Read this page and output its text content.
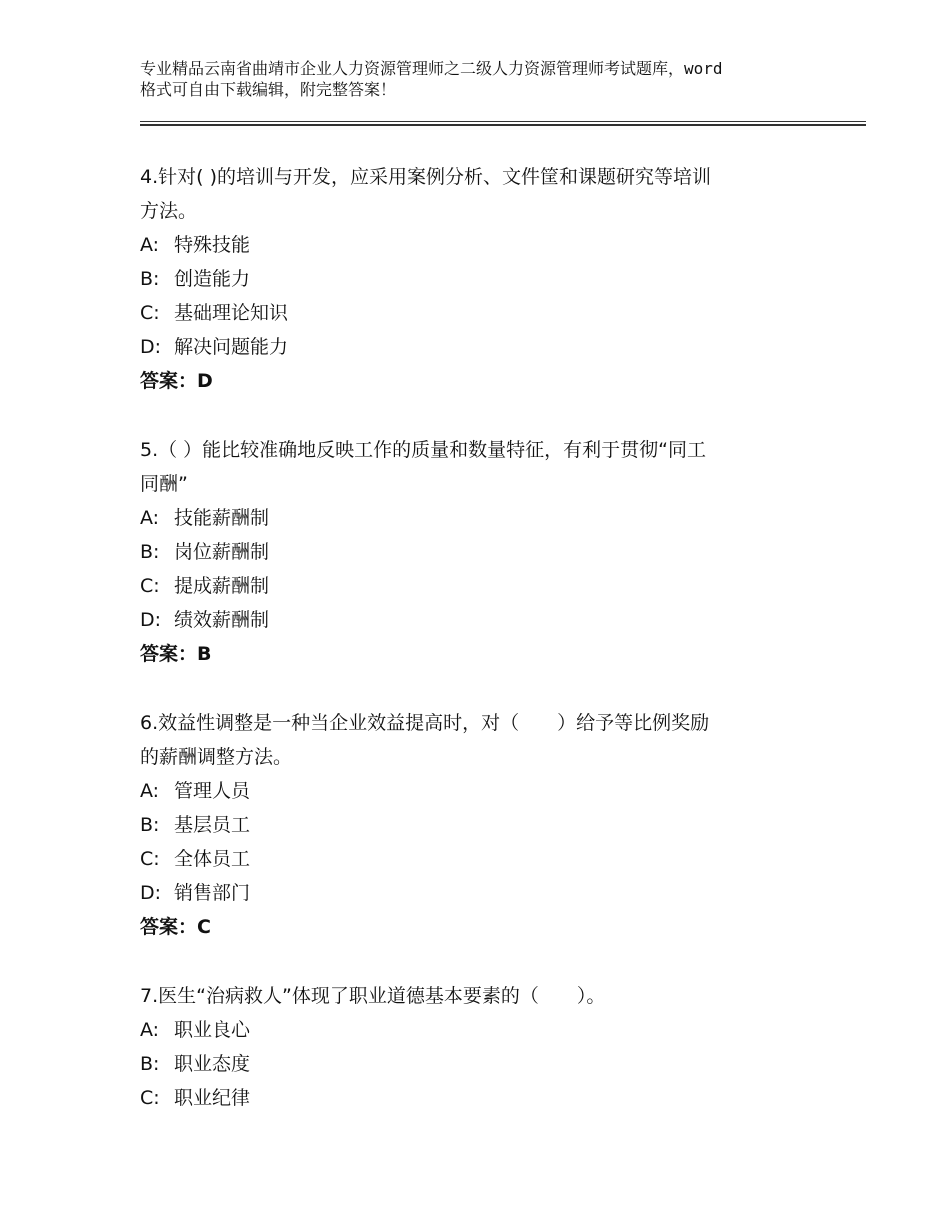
专业精品云南省曲靖市企业人力资源管理师之二级人力资源管理师考试题库，word
格式可自由下载编辑，附完整答案！
4.针对( )的培训与开发，应采用案例分析、文件筐和课题研究等培训
方法。
A: 特殊技能
B: 创造能力
C: 基础理论知识
D: 解决问题能力
答案：D
5.（ ）能比较准确地反映工作的质量和数量特征，有利于贯彻“同工
同酬”
A: 技能薪酬制
B: 岗位薪酬制
C: 提成薪酬制
D: 绩效薪酬制
答案：B
6.效益性调整是一种当企业效益提高时，对（　　）给予等比例奖励
的薪酬调整方法。
A: 管理人员
B: 基层员工
C: 全体员工
D: 销售部门
答案：C
7.医生“治病救人”体现了职业道德基本要素的（　　）。
A: 职业良心
B: 职业态度
C: 职业纪律
